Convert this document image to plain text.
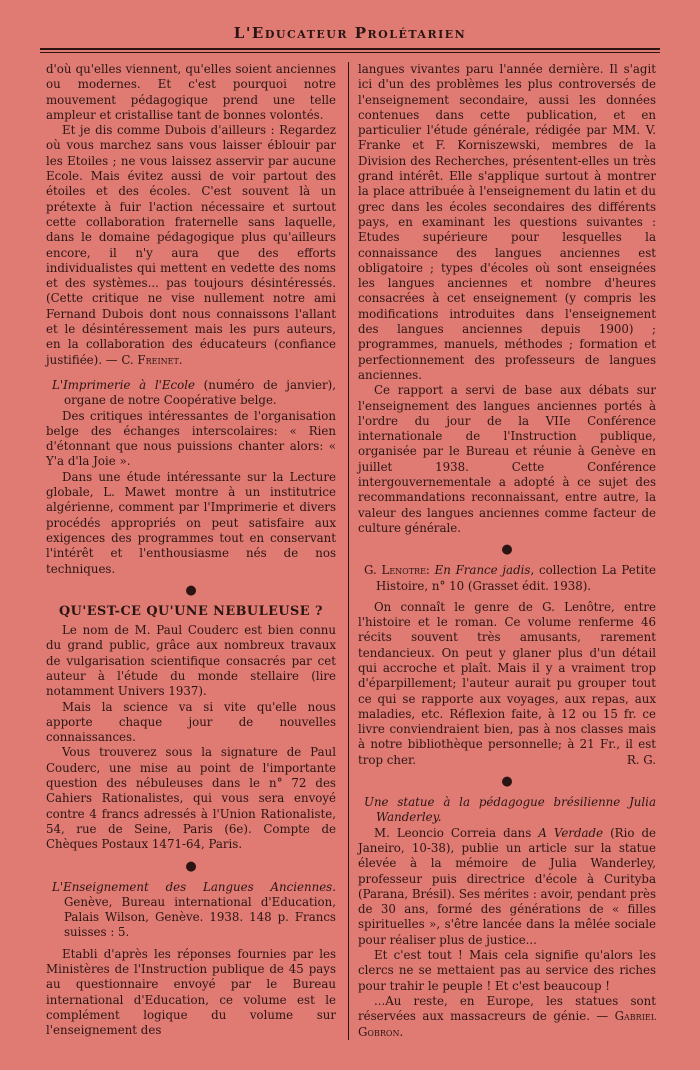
L'Educateur Prolétarien

d'où qu'elles viennent, qu'elles soient anciennes ou modernes. Et c'est pourquoi notre mouvement pédagogique prend une telle ampleur et cristallise tant de bonnes volontés.

Et je dis comme Dubois d'ailleurs : Regardez où vous marchez sans vous laisser éblouir par les Etoiles ; ne vous laissez asservir par aucune Ecole. Mais évitez aussi de voir partout des étoiles et des écoles. C'est souvent là un prétexte à fuir l'action nécessaire et surtout cette collaboration fraternelle sans laquelle, dans le domaine pédagogique plus qu'ailleurs encore, il n'y aura que des efforts individualistes qui mettent en vedette des noms et des systèmes... pas toujours désintéressés. (Cette critique ne vise nullement notre ami Fernand Dubois dont nous connaissons l'allant et le désintéressement mais les purs auteurs, en la collaboration des éducateurs (confiance justifiée). — C. Freinet.

L'Imprimerie à l'Ecole (numéro de janvier), organe de notre Coopérative belge.

Des critiques intéressantes de l'organisation belge des échanges interscolaires: « Rien d'étonnant que nous puissions chanter alors: « Y'a d'la Joie ».

Dans une étude intéressante sur la Lecture globale, L. Mawet montre à un institutrice algérienne, comment par l'Imprimerie et divers procédés appropriés on peut satisfaire aux exigences des programmes tout en conservant l'intérêt et l'enthousiasme nés de nos techniques.

●
QU'EST-CE QU'UNE NEBULEUSE ?

Le nom de M. Paul Couderc est bien connu du grand public, grâce aux nombreux travaux de vulgarisation scientifique consacrés par cet auteur à l'étude du monde stellaire (lire notamment Univers 1937).

Mais la science va si vite qu'elle nous apporte chaque jour de nouvelles connaissances.

Vous trouverez sous la signature de Paul Couderc, une mise au point de l'importante question des nébuleuses dans le n° 72 des Cahiers Rationalistes, qui vous sera envoyé contre 4 francs adressés à l'Union Rationaliste, 54, rue de Seine, Paris (6e). Compte de Chèques Postaux 1471-64, Paris.

●

L'Enseignement des Langues Anciennes. Genève, Bureau international d'Education, Palais Wilson, Genève. 1938. 148 p. Francs suisses : 5.

Etabli d'après les réponses fournies par les Ministères de l'Instruction publique de 45 pays au questionnaire envoyé par le Bureau international d'Education, ce volume est le complément logique du volume sur l'enseignement des

langues vivantes paru l'année dernière. Il s'agit ici d'un des problèmes les plus controversés de l'enseignement secondaire, aussi les données contenues dans cette publication, et en particulier l'étude générale, rédigée par MM. V. Franke et F. Korniszewski, membres de la Division des Recherches, présentent-elles un très grand intérêt. Elle s'applique surtout à montrer la place attribuée à l'enseignement du latin et du grec dans les écoles secondaires des différents pays, en examinant les questions suivantes : Etudes supérieure pour lesquelles la connaissance des langues anciennes est obligatoire ; types d'écoles où sont enseignées les langues anciennes et nombre d'heures consacrées à cet enseignement (y compris les modifications introduites dans l'enseignement des langues anciennes depuis 1900) ; programmes, manuels, méthodes ; formation et perfectionnement des professeurs de langues anciennes.

Ce rapport a servi de base aux débats sur l'enseignement des langues anciennes portés à l'ordre du jour de la VIIe Conférence internationale de l'Instruction publique, organisée par le Bureau et réunie à Genève en juillet 1938. Cette Conférence intergouvernementale a adopté à ce sujet des recommandations reconnaissant, entre autre, la valeur des langues anciennes comme facteur de culture générale.

●

G. Lenotre: En France jadis, collection La Petite Histoire, n° 10 (Grasset édit. 1938).

On connaît le genre de G. Lenôtre, entre l'histoire et le roman. Ce volume renferme 46 récits souvent très amusants, rarement tendancieux. On peut y glaner plus d'un détail qui accroche et plaît. Mais il y a vraiment trop d'éparpillement; l'auteur aurait pu grouper tout ce qui se rapporte aux voyages, aux repas, aux maladies, etc. Réflexion faite, à 12 ou 15 fr. ce livre conviendraient bien, pas à nos classes mais à notre bibliothèque personnelle; à 21 Fr., il est trop cher.	R. G.

●

Une statue à la pédagogue brésilienne Julia Wanderley.

M. Leoncio Correia dans A Verdade (Rio de Janeiro, 10-38), publie un article sur la statue élevée à la mémoire de Julia Wanderley, professeur puis directrice d'école à Curityba (Parana, Brésil). Ses mérites : avoir, pendant près de 30 ans, formé des générations de « filles spirituelles », s'être lancée dans la mêlée sociale pour réaliser plus de justice...

Et c'est tout ! Mais cela signifie qu'alors les clercs ne se mettaient pas au service des riches pour trahir le peuple ! Et c'est beaucoup !

...Au reste, en Europe, les statues sont réservées aux massacreurs de génie. — Gabriel Gobron.
